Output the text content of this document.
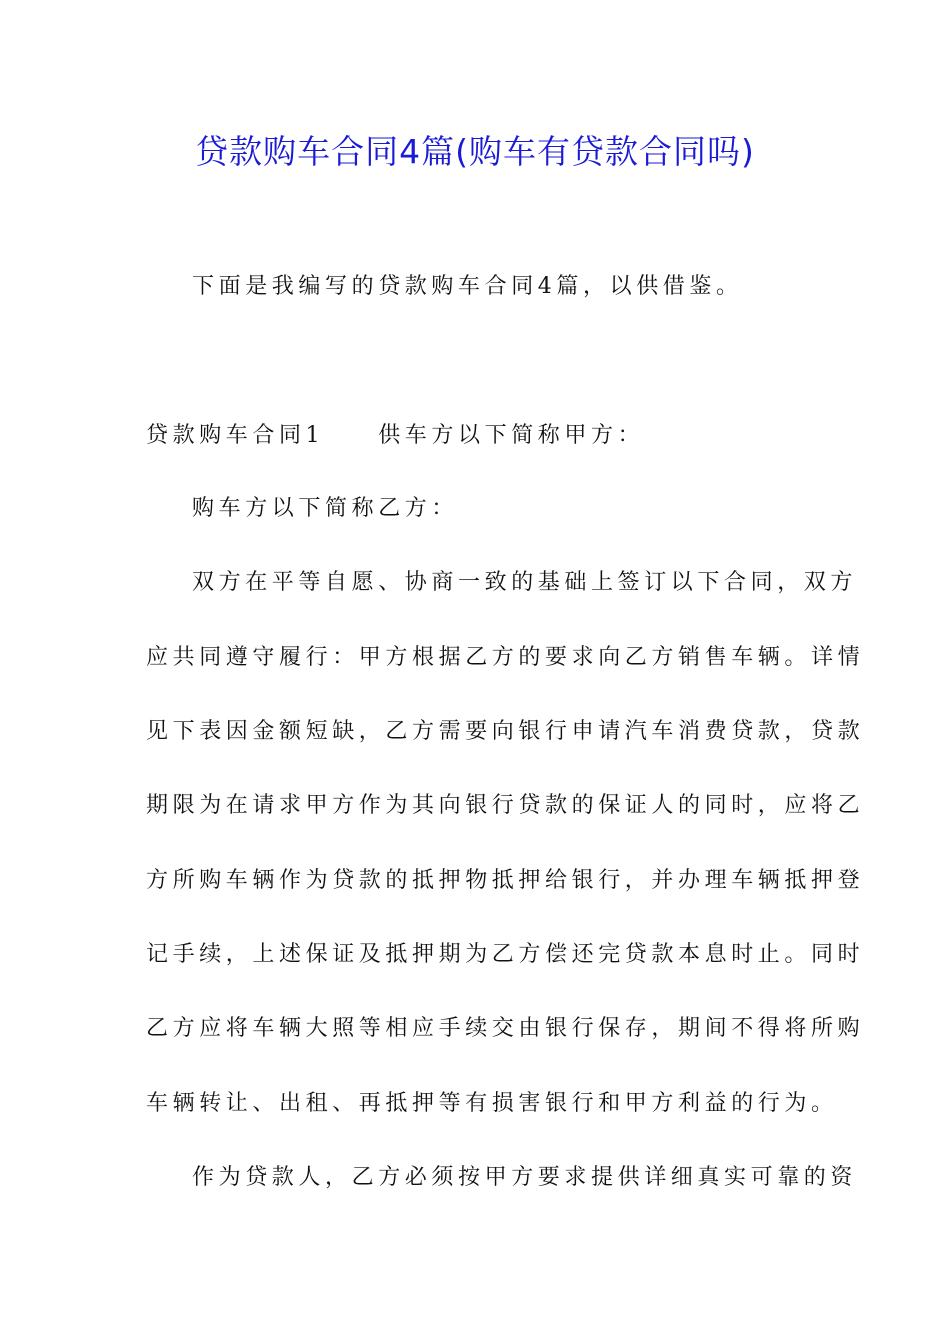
贷款购车合同4篇(购车有贷款合同吗)
下面是我编写的贷款购车合同4篇，以供借鉴。
贷款购车合同1 供车方以下简称甲方：
购车方以下简称乙方：
双方在平等自愿、协商一致的基础上签订以下合同，双方
应共同遵守履行：甲方根据乙方的要求向乙方销售车辆。详情
见下表因金额短缺，乙方需要向银行申请汽车消费贷款，贷款
期限为在请求甲方作为其向银行贷款的保证人的同时，应将乙
方所购车辆作为贷款的抵押物抵押给银行，并办理车辆抵押登
记手续，上述保证及抵押期为乙方偿还完贷款本息时止。同时
乙方应将车辆大照等相应手续交由银行保存，期间不得将所购
车辆转让、出租、再抵押等有损害银行和甲方利益的行为。
作为贷款人，乙方必须按甲方要求提供详细真实可靠的资
